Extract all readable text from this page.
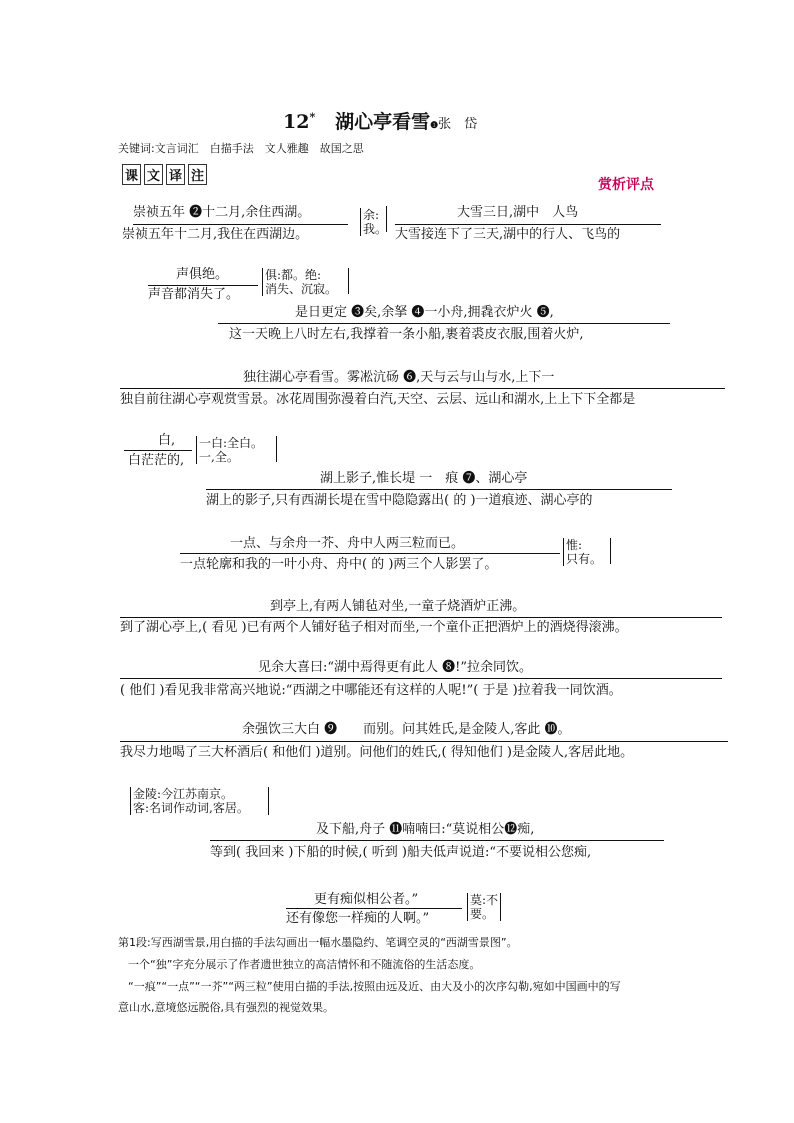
12* 湖心亭看雪❶张　岱
关键词:文言词汇　白描手法　文人雅趣　故国之思
课 文 译 注
赏析评点
崇祯五年 ❷十二月,余住西湖。
崇祯五年十二月,我住在西湖边。
余:
我。
大雪三日,湖中　人鸟
大雪接连下了三天,湖中的行人、飞鸟的
声俱绝。
声音都消失了。
俱:都。绝:
消失、沉寂。
是日更定 ❸矣,余拏 ❹一小舟,拥毳衣炉火 ❺,
这一天晚上八时左右,我撑着一条小船,裹着裘皮衣服,围着火炉,
独往湖心亭看雪。雾凇沆砀 ❻,天与云与山与水,上下一
独自前往湖心亭观赏雪景。冰花周围弥漫着白汽,天空、云层、远山和湖水,上上下下全都是
白,
白茫茫的,
一白:全白。
一,全。
湖上影子,惟长堤 一　痕 ❼、湖心亭
湖上的影子,只有西湖长堤在雪中隐隐露出( 的 )一道痕迹、湖心亭的
一点、与余舟一芥、舟中人两三粒而已。
一点轮廓和我的一叶小舟、舟中( 的 )两三个人影罢了。
惟:
只有。
到亭上,有两人铺毡对坐,一童子烧酒炉正沸。
到了湖心亭上,( 看见 )已有两个人铺好毡子相对而坐,一个童仆正把酒炉上的酒烧得滚沸。
见余大喜曰:“湖中焉得更有此人 ❽!”拉余同饮。
( 他们 )看见我非常高兴地说:“西湖之中哪能还有这样的人呢!”( 于是 )拉着我一同饮酒。
余强饮三大白 ❾　　而别。问其姓氏,是金陵人,客此 ❿。
我尽力地喝了三大杯酒后( 和他们 )道别。问他们的姓氏,( 得知他们 )是金陵人,客居此地。
金陵:今江苏南京。
客:名词作动词,客居。
及下船,舟子 ⓫喃喃曰:“莫说相公⓬痴,
等到( 我回来 )下船的时候,( 听到 )船夫低声说道:“不要说相公您痴,
更有痴似相公者。”
还有像您一样痴的人啊。”
莫:不
要。
第1段:写西湖雪景,用白描的手法勾画出一幅水墨隐约、笔调空灵的“西湖雪景图”。
一个“独”字充分展示了作者遗世独立的高洁情怀和不随流俗的生活态度。
“一痕”“一点”“一芥”“两三粒”使用白描的手法,按照由远及近、由大及小的次序勾勒,宛如中国画中的写
意山水,意境悠远脱俗,具有强烈的视觉效果。
